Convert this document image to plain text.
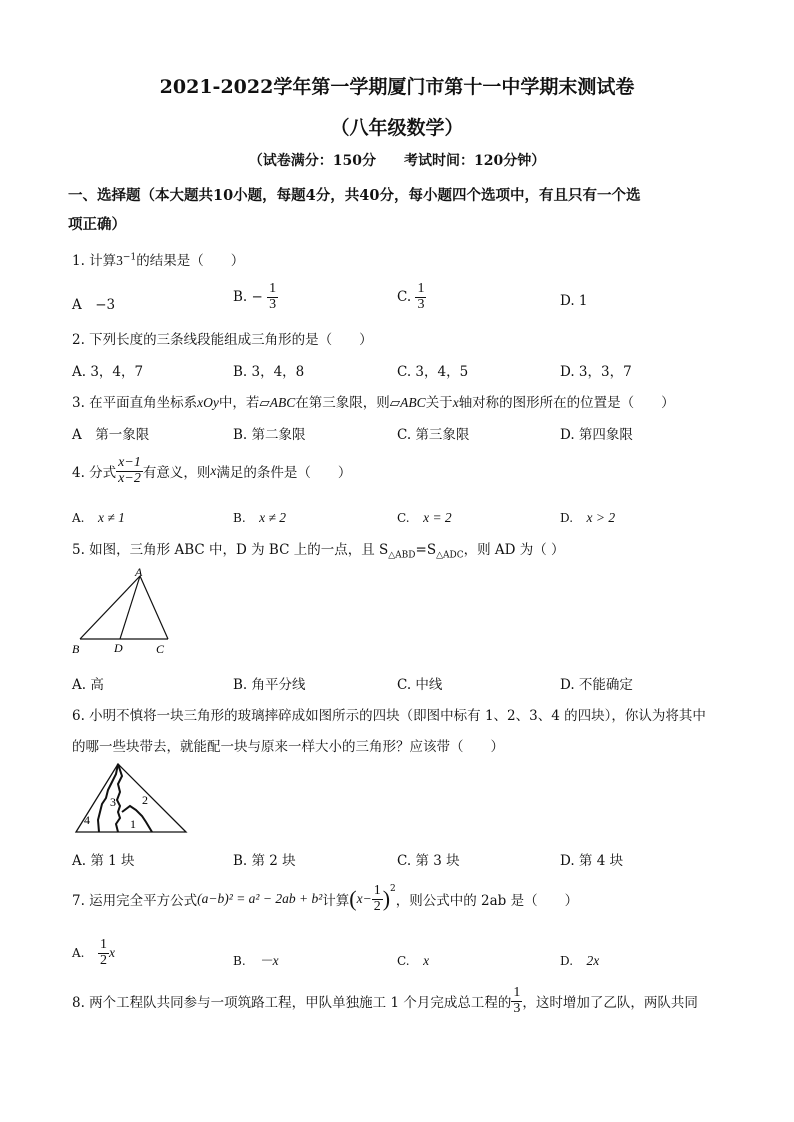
2021-2022学年第一学期厦门市第十一中学期末测试卷
（八年级数学）
（试卷满分：150分　　考试时间：120分钟）
一、选择题（本大题共10小题，每题4分，共40分，每小题四个选项中，有且只有一个选
项正确）
1. 计算$3^{-1}$的结果是（　　）
A　−3	B. − $\frac{1}{3}$	C. $\frac{1}{3}$	D. 1
2. 下列长度的三条线段能组成三角形的是（　　）
A. 3，4，7	B. 3，4，8	C. 3，4，5	D. 3，3，7
3. 在平面直角坐标系xOy中，若▱ABC在第三象限，则▱ABC关于x轴对称的图形所在的位置是（　　）
A　第一象限	B. 第二象限	C. 第三象限	D. 第四象限
4. 分式 $\frac{x-1}{x-2}$ 有意义，则x满足的条件是（　　）
A.　 x ≠ 1	B.　 x ≠ 2	C.　 x = 2	D.　 x > 2
5. 如图，三角形 ABC 中，D 为 BC 上的一点，且 $S_{\triangle ABD}=S_{\triangle ADC}$，则 AD 为（ ）
A
B	D	C
A. 高	B. 角平分线	C. 中线	D. 不能确定
6. 小明不慎将一块三角形的玻璃摔碎成如图所示的四块（即图中标有 1、2、3、4 的四块），你认为将其中
的哪一些块带去，就能配一块与原来一样大小的三角形？应该带（　　）
4
3 2
1
A. 第 1 块	B. 第 2 块	C. 第 3 块	D. 第 4 块
7. 运用完全平方公式(a−b)² = a² − 2ab + b²计算$(x- \frac{1}{2} )^2$，则公式中的 2ab 是（　　）
A.　 $\frac{1}{2}$ x
B.　 －x	C.　 x	D.　 2x
8. 两个工程队共同参与一项筑路工程，甲队单独施工 1 个月完成总工程的 $\frac{1}{3}$ ，这时增加了乙队，两队共同
